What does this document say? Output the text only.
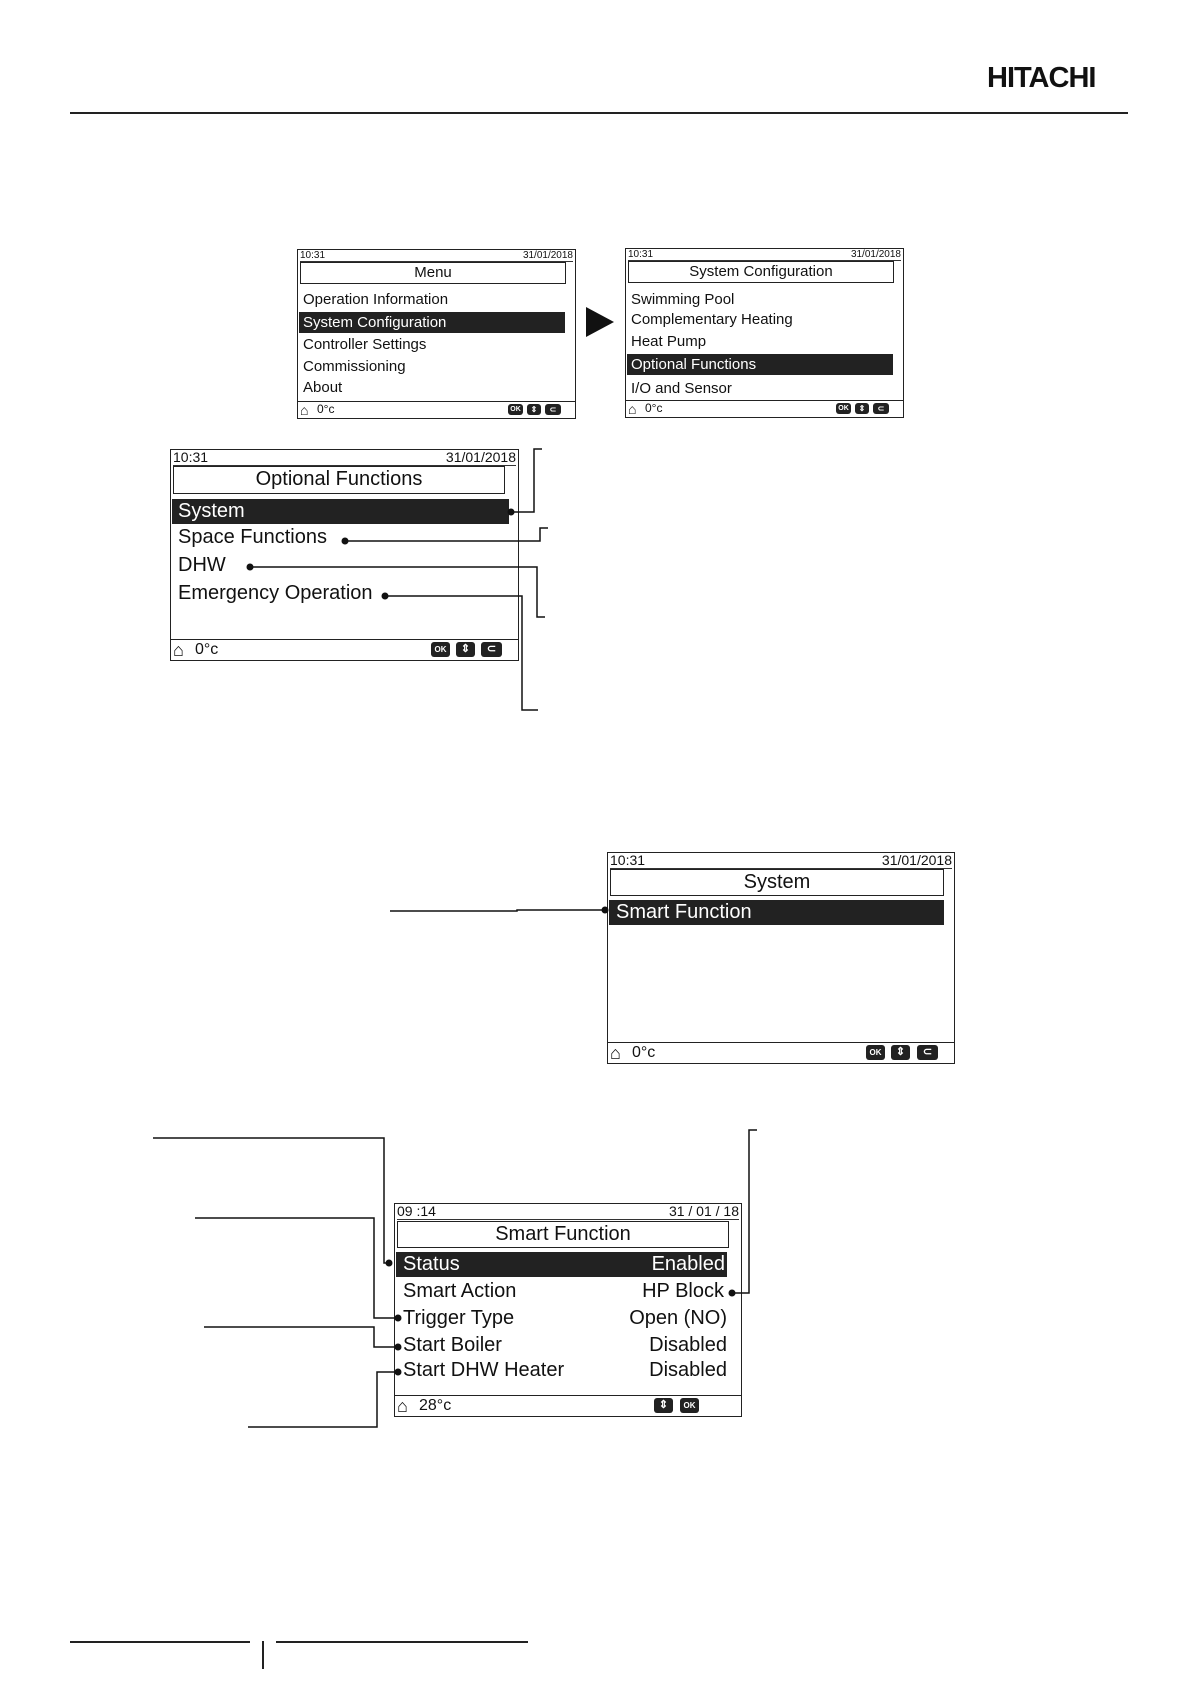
HITACHI
10:31	31/01/2018
Menu
Operation Information
System Configuration
Controller Settings
Commissioning
About
⌂ 0°c	OK	⇕	⊂
10:31	31/01/2018
System Configuration
Swimming Pool
Complementary Heating
Heat Pump
Optional Functions
I/O and Sensor
⌂ 0°c	OK	⇕	⊂
10:31	31/01/2018
Optional Functions
System
Space Functions
DHW
Emergency Operation
⌂ 0°c	OK	⇕	⊂
10:31	31/01/2018
System
Smart Function
⌂ 0°c	OK	⇕	⊂
09 :14	31 / 01 / 18
Smart Function
Status	Enabled
Smart Action	HP Block
Trigger Type	Open (NO)
Start Boiler	Disabled
Start DHW Heater	Disabled
⌂ 28°c	⇕	OK
